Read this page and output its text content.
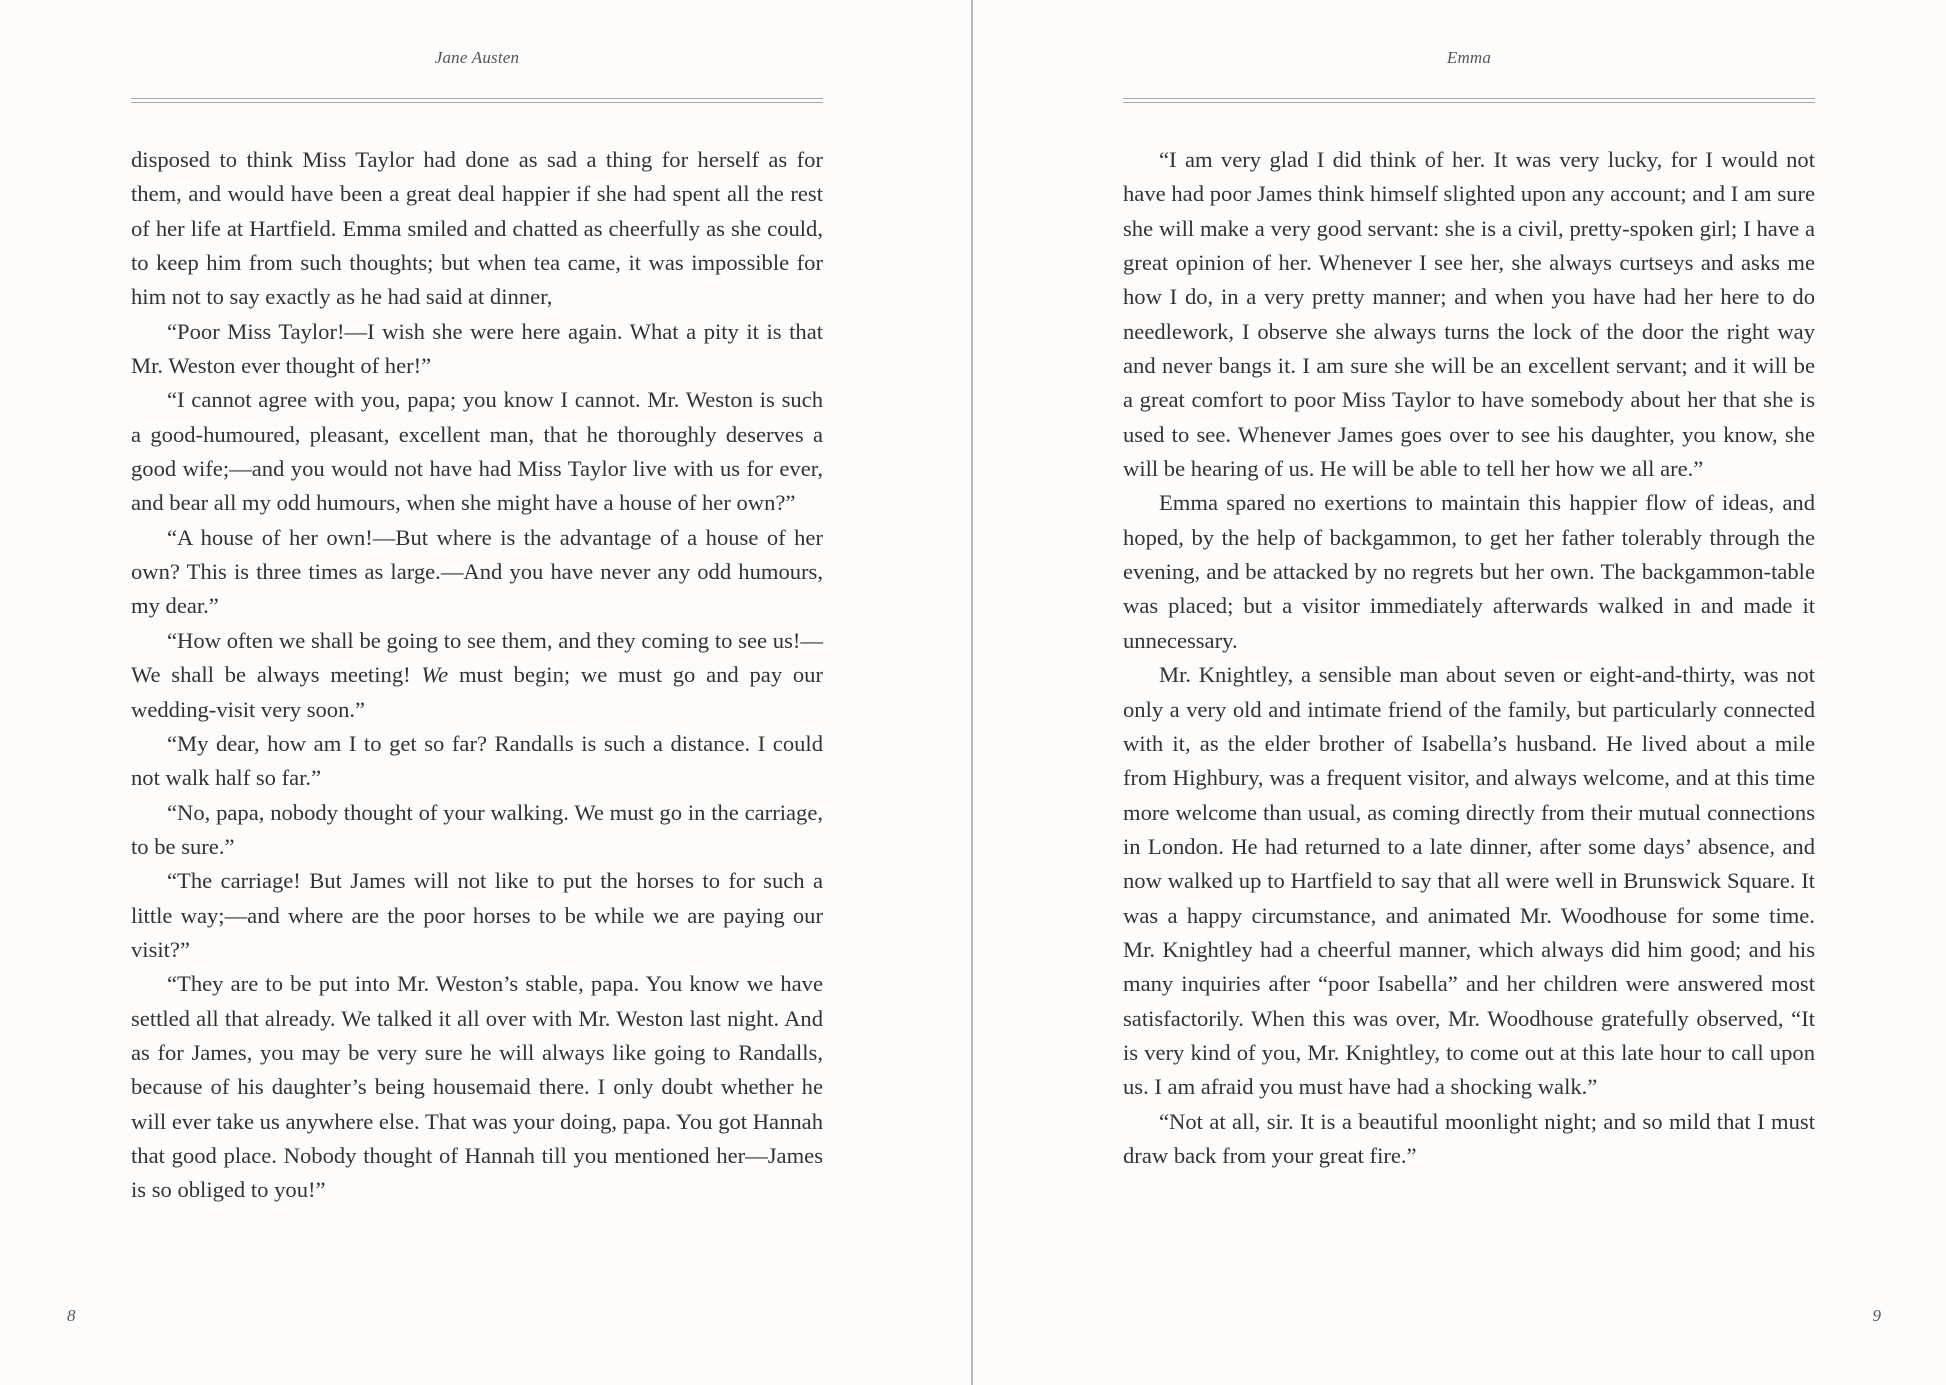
Jane Austen

disposed to think Miss Taylor had done as sad a thing for herself as for them, and would have been a great deal happier if she had spent all the rest of her life at Hartfield. Emma smiled and chatted as cheerfully as she could, to keep him from such thoughts; but when tea came, it was impossible for him not to say exactly as he had said at dinner,

“Poor Miss Taylor!—I wish she were here again. What a pity it is that Mr. Weston ever thought of her!”

“I cannot agree with you, papa; you know I cannot. Mr. Weston is such a good-humoured, pleasant, excellent man, that he thoroughly deserves a good wife;—and you would not have had Miss Taylor live with us for ever, and bear all my odd humours, when she might have a house of her own?”

“A house of her own!—But where is the advantage of a house of her own? This is three times as large.—And you have never any odd humours, my dear.”

“How often we shall be going to see them, and they coming to see us!—We shall be always meeting! We must begin; we must go and pay our wedding-visit very soon.”

“My dear, how am I to get so far? Randalls is such a distance. I could not walk half so far.”

“No, papa, nobody thought of your walking. We must go in the carriage, to be sure.”

“The carriage! But James will not like to put the horses to for such a little way;—and where are the poor horses to be while we are paying our visit?”

“They are to be put into Mr. Weston’s stable, papa. You know we have settled all that already. We talked it all over with Mr. Weston last night. And as for James, you may be very sure he will always like going to Randalls, because of his daughter’s being housemaid there. I only doubt whether he will ever take us anywhere else. That was your doing, papa. You got Hannah that good place. Nobody thought of Hannah till you mentioned her—James is so obliged to you!”

8
Emma

“I am very glad I did think of her. It was very lucky, for I would not have had poor James think himself slighted upon any account; and I am sure she will make a very good servant: she is a civil, pretty-spoken girl; I have a great opinion of her. Whenever I see her, she always curtseys and asks me how I do, in a very pretty manner; and when you have had her here to do needlework, I observe she always turns the lock of the door the right way and never bangs it. I am sure she will be an excellent servant; and it will be a great comfort to poor Miss Taylor to have somebody about her that she is used to see. Whenever James goes over to see his daughter, you know, she will be hearing of us. He will be able to tell her how we all are.”

Emma spared no exertions to maintain this happier flow of ideas, and hoped, by the help of backgammon, to get her father tolerably through the evening, and be attacked by no regrets but her own. The backgammon-table was placed; but a visitor immediately afterwards walked in and made it unnecessary.

Mr. Knightley, a sensible man about seven or eight-and-thirty, was not only a very old and intimate friend of the family, but particularly connected with it, as the elder brother of Isabella’s husband. He lived about a mile from Highbury, was a frequent visitor, and always welcome, and at this time more welcome than usual, as coming directly from their mutual connections in London. He had returned to a late dinner, after some days’ absence, and now walked up to Hartfield to say that all were well in Brunswick Square. It was a happy circumstance, and animated Mr. Woodhouse for some time. Mr. Knightley had a cheerful manner, which always did him good; and his many inquiries after “poor Isabella” and her children were answered most satisfactorily. When this was over, Mr. Woodhouse gratefully observed, “It is very kind of you, Mr. Knightley, to come out at this late hour to call upon us. I am afraid you must have had a shocking walk.”

“Not at all, sir. It is a beautiful moonlight night; and so mild that I must draw back from your great fire.”

9
